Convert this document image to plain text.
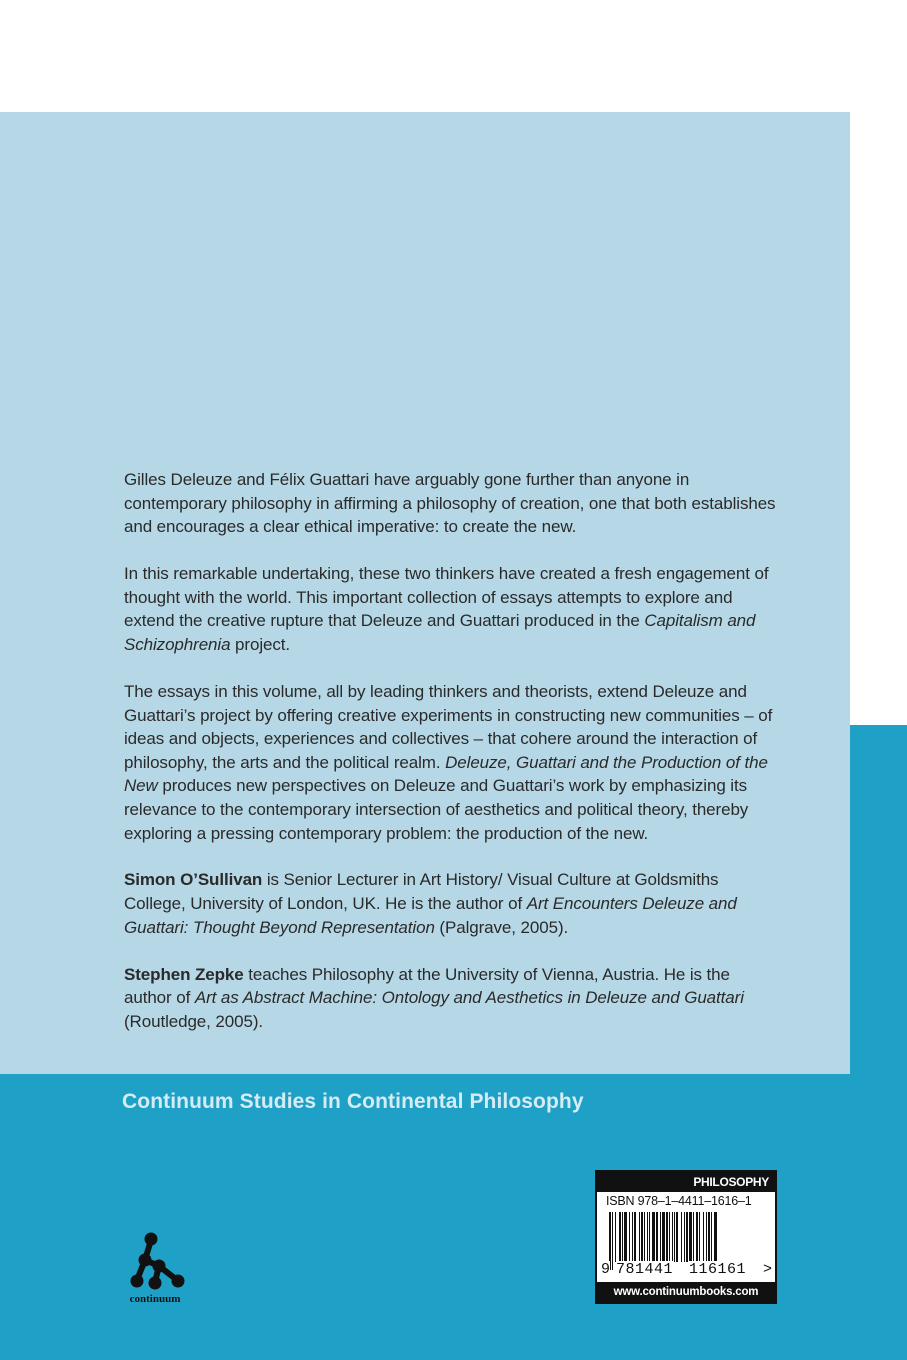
Gilles Deleuze and Félix Guattari have arguably gone further than anyone in contemporary philosophy in affirming a philosophy of creation, one that both establishes and encourages a clear ethical imperative: to create the new.

In this remarkable undertaking, these two thinkers have created a fresh engagement of thought with the world. This important collection of essays attempts to explore and extend the creative rupture that Deleuze and Guattari produced in the Capitalism and Schizophrenia project.

The essays in this volume, all by leading thinkers and theorists, extend Deleuze and Guattari’s project by offering creative experiments in constructing new communities – of ideas and objects, experiences and collectives – that cohere around the interaction of philosophy, the arts and the political realm. Deleuze, Guattari and the Production of the New produces new perspectives on Deleuze and Guattari’s work by emphasizing its relevance to the contemporary intersection of aesthetics and political theory, thereby exploring a pressing contemporary problem: the production of the new.

Simon O’Sullivan is Senior Lecturer in Art History/ Visual Culture at Goldsmiths College, University of London, UK. He is the author of Art Encounters Deleuze and Guattari: Thought Beyond Representation (Palgrave, 2005).

Stephen Zepke teaches Philosophy at the University of Vienna, Austria. He is the author of Art as Abstract Machine: Ontology and Aesthetics in Deleuze and Guattari (Routledge, 2005).

Continuum Studies in Continental Philosophy
continuum
PHILOSOPHY
ISBN 978–1–4411–1616–1
9 781441 116161 >
www.continuumbooks.com
